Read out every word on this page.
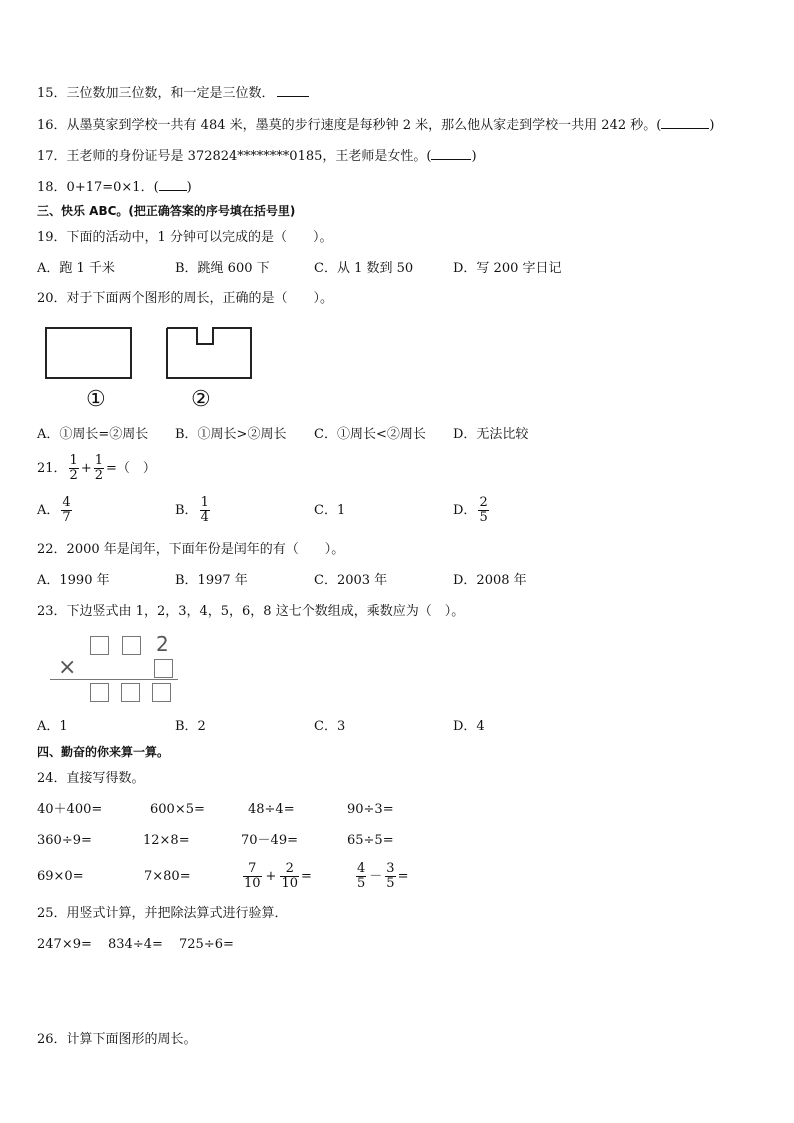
15．三位数加三位数，和一定是三位数．
16．从墨莫家到学校一共有 484 米，墨莫的步行速度是每秒钟 2 米，那么他从家走到学校一共用 242 秒。(	)
17．王老师的身份证号是 372824********0185，王老师是女性。(	)
18．0+17=0×1．( )
三、快乐 ABC。(把正确答案的序号填在括号里)
19．下面的活动中，1 分钟可以完成的是（　　）。
A．跑 1 千米	B．跳绳 600 下	C．从 1 数到 50	D．写 200 字日记
20．对于下面两个图形的周长，正确的是（　　）。
①	②
A．①周长=②周长 B．①周长>②周长 C．①周长<②周长 D．无法比较
21． $\frac{1}{2} + \frac{1}{2}$ =（　）
A． $\frac{4}{7}$	B． $\frac{1}{4}$	C．1	D． $\frac{2}{5}$
22．2000 年是闰年，下面年份是闰年的有（　　）。
A．1990 年	B．1997 年	C．2003 年	D．2008 年
23．下边竖式由 1，2，3，4，5，6，8 这七个数组成，乘数应为（　）。
2
×
A．1	B．2	C．3	D．4
四、勤奋的你来算一算。
24．直接写得数。
40＋400=	600×5=	48÷4=	90÷3=
360÷9=	12×8=	70－49=	65÷5=
69×0=	7×80=	$\frac{7}{10} + \frac{2}{10}$ =	$\frac{4}{5} - \frac{3}{5}$ =
25．用竖式计算，并把除法算式进行验算．
247×9= 834÷4= 725÷6=
26．计算下面图形的周长。
